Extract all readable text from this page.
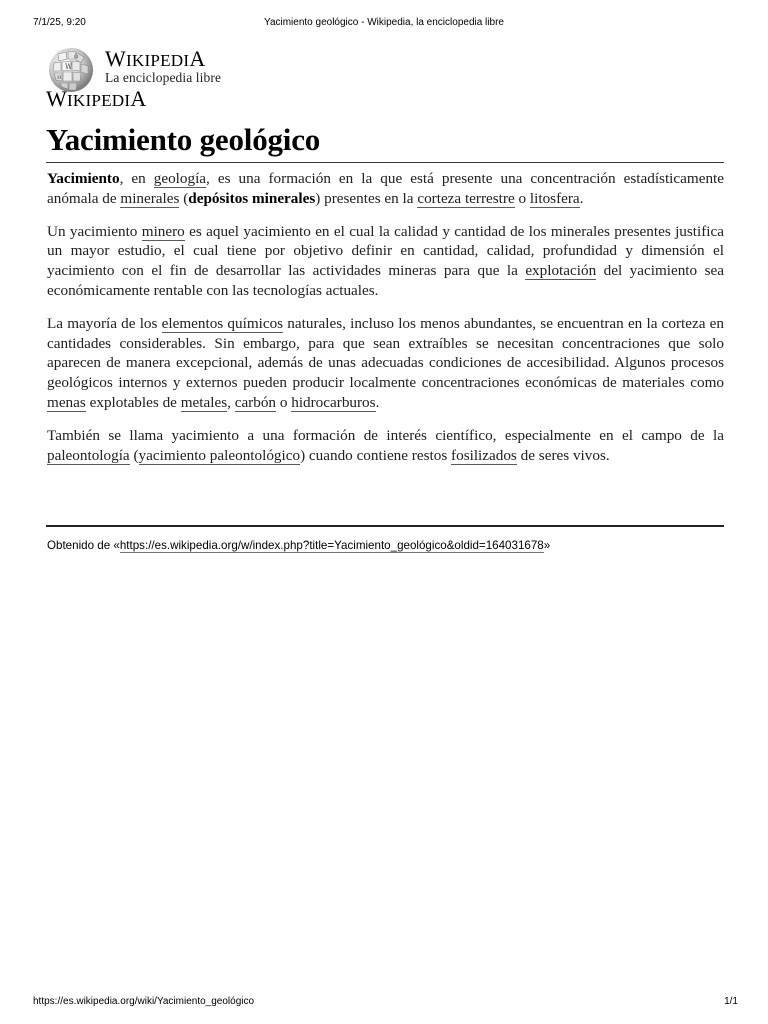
7/1/25, 9:20	Yacimiento geológico - Wikipedia, la enciclopedia libre
W
Ω
И
WIKIPEDIA
La enciclopedia libre
WIKIPEDIA
Yacimiento geológico

Yacimiento, en geología, es una formación en la que está presente una concentración estadísticamente anómala de minerales (depósitos minerales) presentes en la corteza terrestre o litosfera.

Un yacimiento minero es aquel yacimiento en el cual la calidad y cantidad de los minerales presentes justifica un mayor estudio, el cual tiene por objetivo definir en cantidad, calidad, profundidad y dimensión el yacimiento con el fin de desarrollar las actividades mineras para que la explotación del yacimiento sea económicamente rentable con las tecnologías actuales.

La mayoría de los elementos químicos naturales, incluso los menos abundantes, se encuentran en la corteza en cantidades considerables. Sin embargo, para que sean extraíbles se necesitan concentraciones que solo aparecen de manera excepcional, además de unas adecuadas condiciones de accesibilidad. Algunos procesos geológicos internos y externos pueden producir localmente concentraciones económicas de materiales como menas explotables de metales, carbón o hidrocarburos.

También se llama yacimiento a una formación de interés científico, especialmente en el campo de la paleontología (yacimiento paleontológico) cuando contiene restos fosilizados de seres vivos.

Obtenido de «https://es.wikipedia.org/w/index.php?title=Yacimiento_geológico&oldid=164031678»
https://es.wikipedia.org/wiki/Yacimiento_geológico	1/1
